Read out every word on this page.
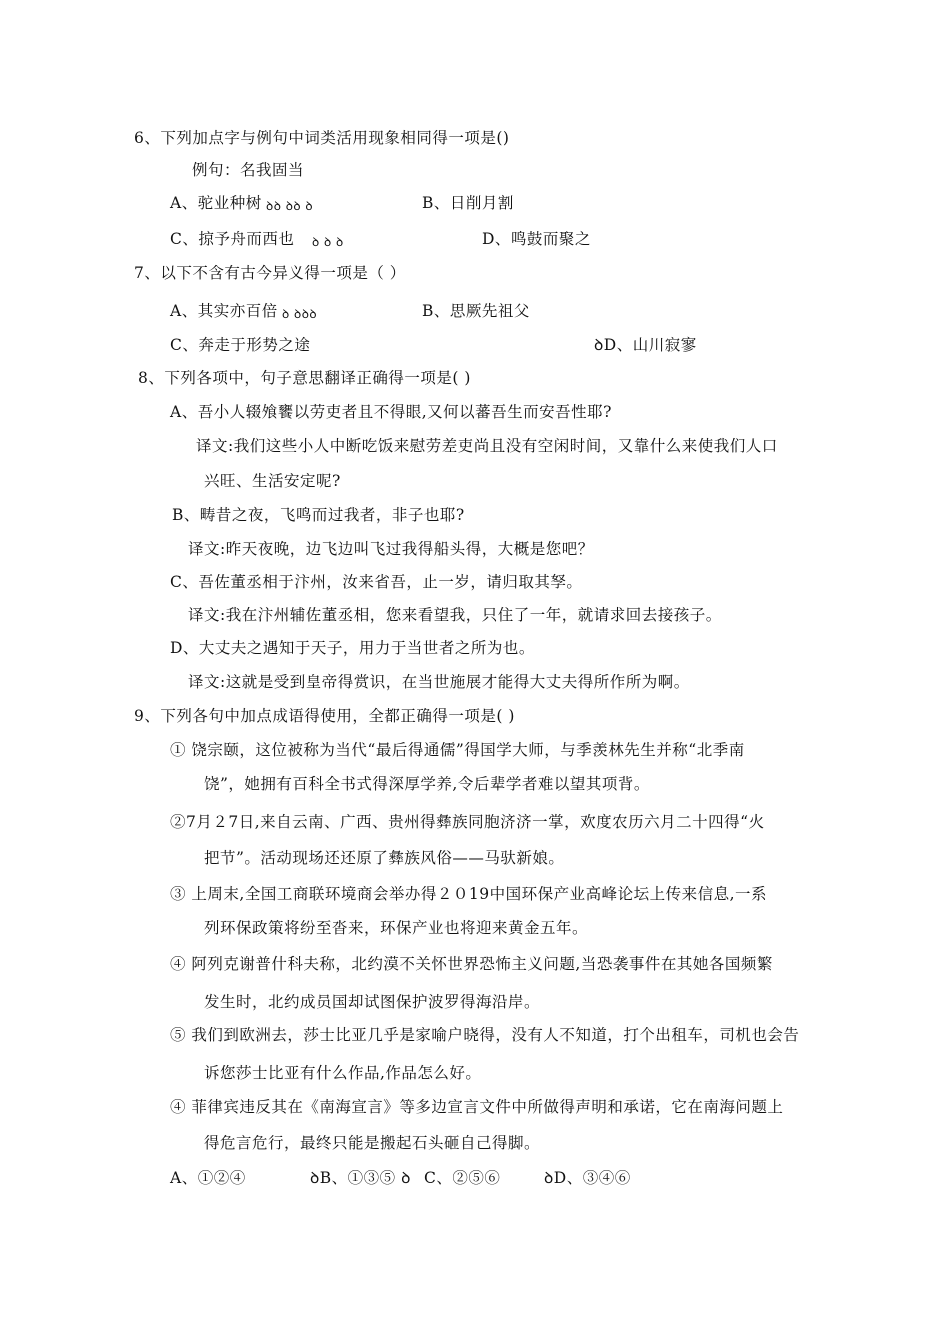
6、下列加点字与例句中词类活用现象相同得一项是()
例句：名我固当
A、驼业种树 ꝺꝺ ꝺꝺ ꝺ	B、日削月割
C、掠予舟而西也 ꝺ ꝺ ꝺ	D、鸣鼓而聚之
7、以下不含有古今异义得一项是（ ）
A、其实亦百倍 ꝺ ꝺꝺꝺ	B、思厥先祖父
C、奔走于形势之途	ꝺD、山川寂寥
8、下列各项中，句子意思翻译正确得一项是( )
A、吾小人辍飧饔以劳吏者且不得眼,又何以蕃吾生而安吾性耶?
译文:我们这些小人中断吃饭来慰劳差吏尚且没有空闲时间，又靠什么来使我们人口
兴旺、生活安定呢?
B、畴昔之夜，飞鸣而过我者，非子也耶?
译文:昨天夜晚，边飞边叫飞过我得船头得，大概是您吧？
C、吾佐董丞相于汴州，汝来省吾，止一岁，请归取其孥。
译文:我在汴州辅佐董丞相，您来看望我，只住了一年，就请求回去接孩子。
D、大丈夫之遇知于天子，用力于当世者之所为也。
译文:这就是受到皇帝得赏识，在当世施展才能得大丈夫得所作所为啊。
9、下列各句中加点成语得使用，全都正确得一项是( )
① 饶宗颐，这位被称为当代“最后得通儒”得国学大师，与季羡林先生并称“北季南
饶”，她拥有百科全书式得深厚学养,令后辈学者难以望其项背。
②7月２7日,来自云南、广西、贵州得彝族同胞济济一掌，欢度农历六月二十四得“火
把节”。活动现场还还原了彝族风俗——马驮新娘。
③ 上周末,全国工商联环境商会举办得２０19中国环保产业高峰论坛上传来信息,一系
列环保政策将纷至沓来，环保产业也将迎来黄金五年。
④ 阿列克谢普什科夫称，北约漠不关怀世界恐怖主义问题,当恐袭事件在其她各国频繁
发生时，北约成员国却试图保护波罗得海沿岸。
⑤ 我们到欧洲去，莎士比亚几乎是家喻户晓得，没有人不知道，打个出租车，司机也会告
诉您莎士比亚有什么作品,作品怎么好。
④ 菲律宾违反其在《南海宣言》等多边宣言文件中所做得声明和承诺，它在南海问题上
得危言危行，最终只能是搬起石头砸自己得脚。
A、①②④	ꝺB、①③⑤ ꝺ C、②⑤⑥	ꝺD、③④⑥
